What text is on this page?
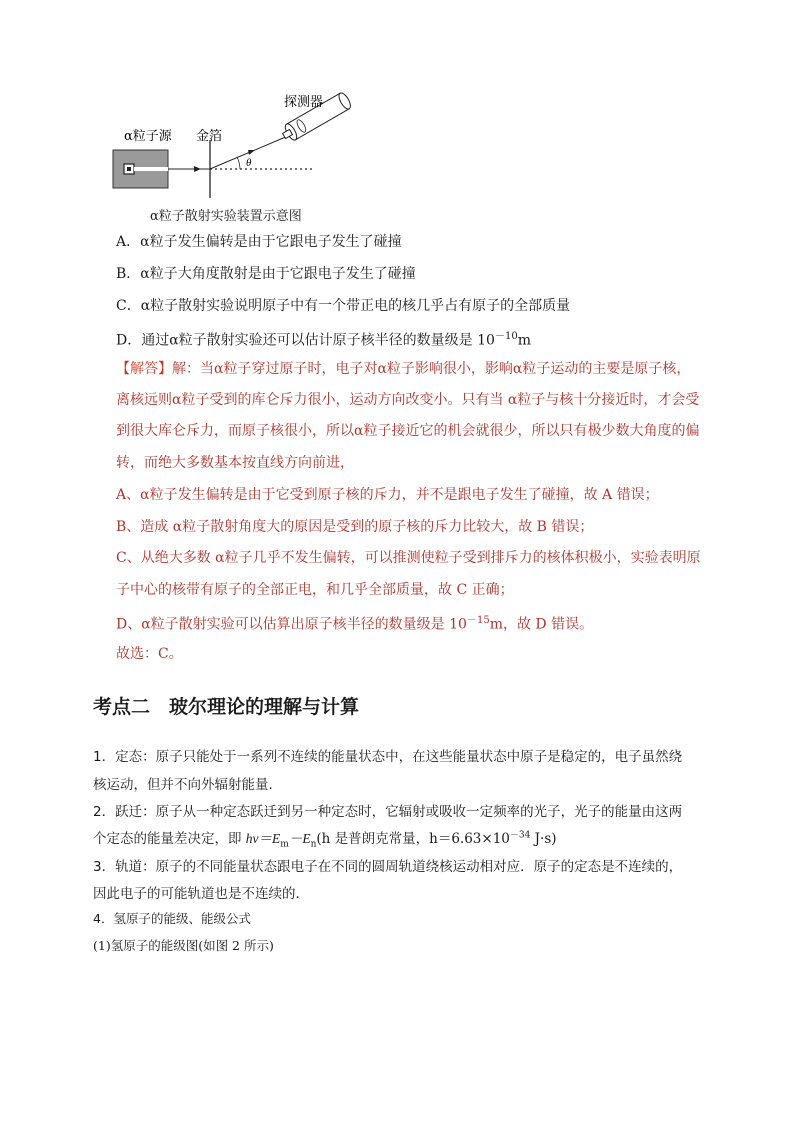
α粒子源 金箔
探测器
θ
α粒子散射实验装置示意图
A．α粒子发生偏转是由于它跟电子发生了碰撞
B．α粒子大角度散射是由于它跟电子发生了碰撞
C．α粒子散射实验说明原子中有一个带正电的核几乎占有原子的全部质量
D．通过α粒子散射实验还可以估计原子核半径的数量级是 $10^{-10}m$
【解答】解：当α粒子穿过原子时，电子对α粒子影响很小，影响α粒子运动的主要是原子核，
离核远则α粒子受到的库仑斥力很小，运动方向改变小。只有当 α粒子与核十分接近时，才会受
到很大库仑斥力，而原子核很小，所以α粒子接近它的机会就很少，所以只有极少数大角度的偏
转，而绝大多数基本按直线方向前进，
A、α粒子发生偏转是由于它受到原子核的斥力，并不是跟电子发生了碰撞，故 A 错误；
B、造成 α粒子散射角度大的原因是受到的原子核的斥力比较大，故 B 错误；
C、从绝大多数 α粒子几乎不发生偏转，可以推测使粒子受到排斥力的核体积极小，实验表明原
子中心的核带有原子的全部正电，和几乎全部质量，故 C 正确；
D、α粒子散射实验可以估算出原子核半径的数量级是 $10^{-15}m$，故 D 错误。
故选：C。
考点二　玻尔理论的理解与计算
1．定态：原子只能处于一系列不连续的能量状态中，在这些能量状态中原子是稳定的，电子虽然绕
核运动，但并不向外辐射能量．
2．跃迁：原子从一种定态跃迁到另一种定态时，它辐射或吸收一定频率的光子，光子的能量由这两
个定态的能量差决定，即 $h\nu=E_m-E_n(h$ 是普朗克常量，$h=6.63\times 10^{-34}$ J·s)
3．轨道：原子的不同能量状态跟电子在不同的圆周轨道绕核运动相对应．原子的定态是不连续的，
因此电子的可能轨道也是不连续的．
4．氢原子的能级、能级公式
(1)氢原子的能级图(如图 2 所示)
